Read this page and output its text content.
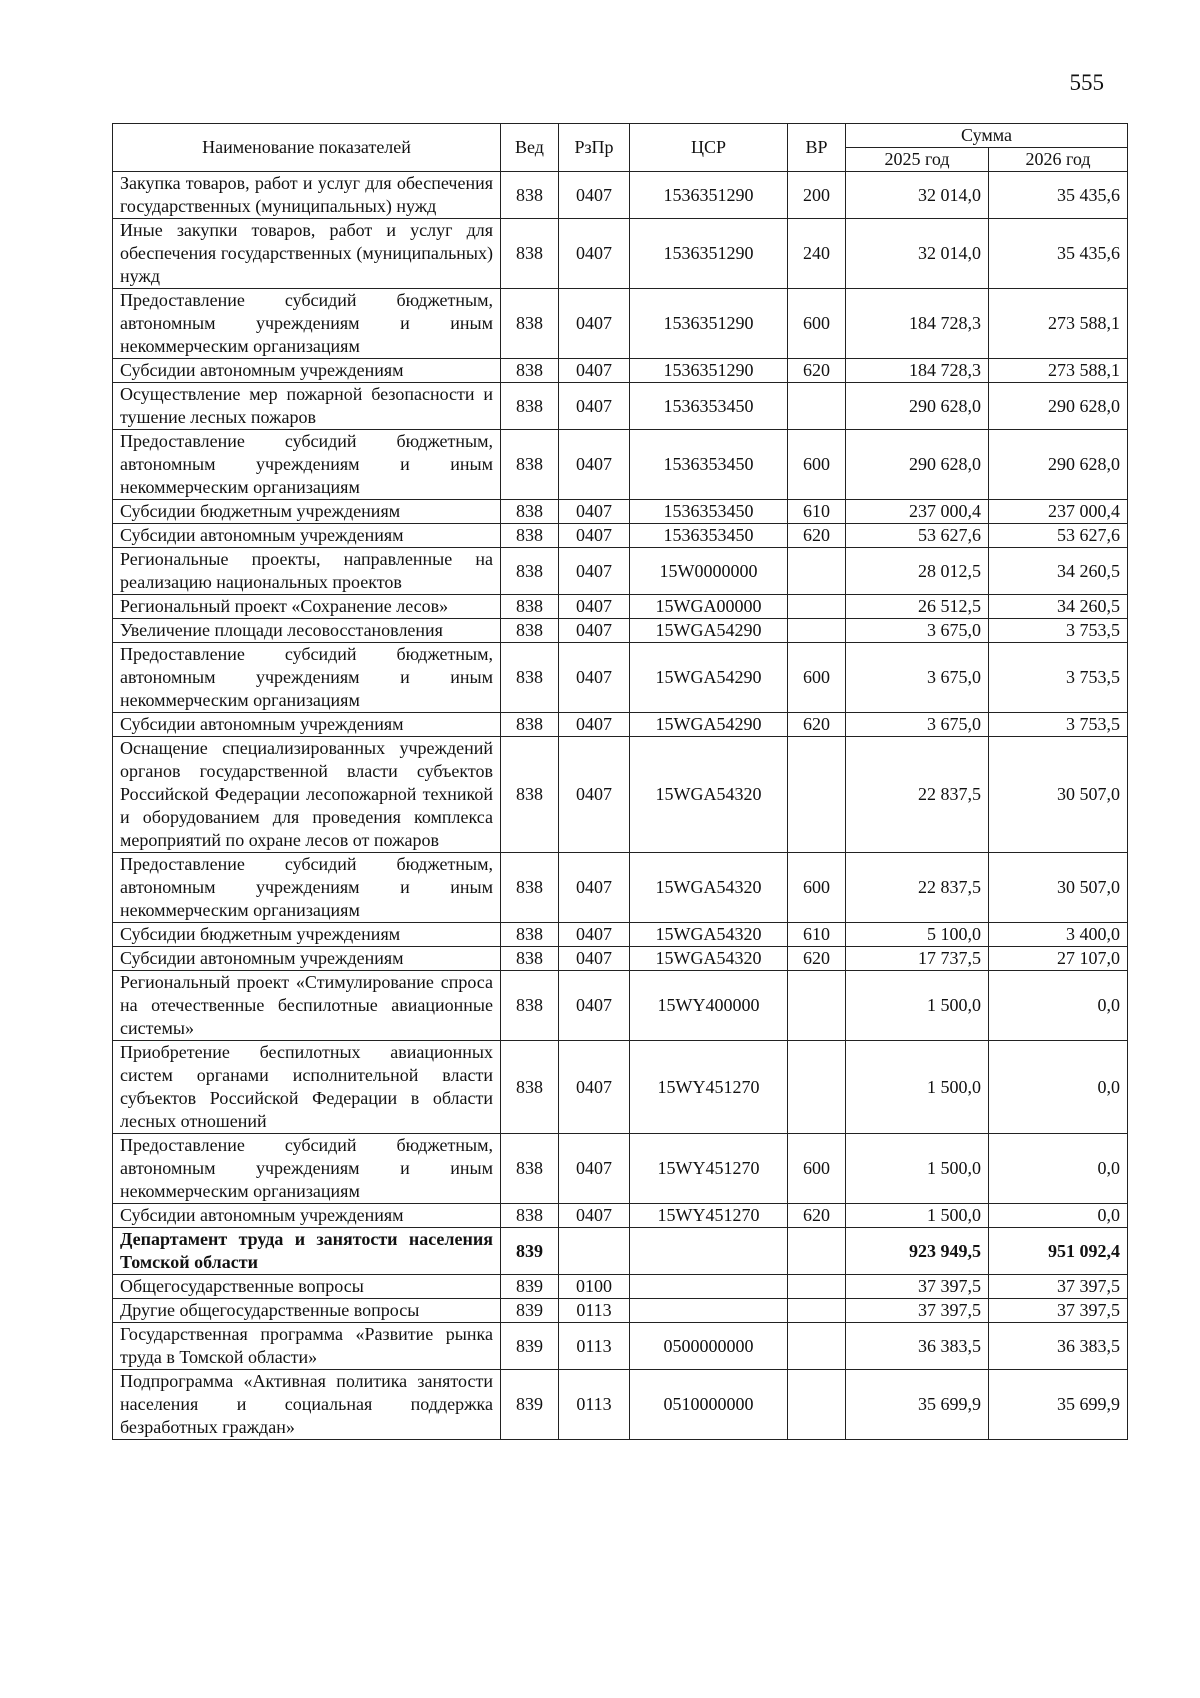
555
Наименование показателей	Вед	РзПр	ЦСР	ВР	Сумма	
					2025 год	2026 год
Закупка товаров, работ и услуг для обеспечения государственных (муниципальных) нужд	838	0407	1536351290	200	32 014,0	35 435,6
Иные закупки товаров, работ и услуг для обеспечения государственных (муниципальных) нужд	838	0407	1536351290	240	32 014,0	35 435,6
Предоставление субсидий бюджетным, автономным учреждениям и иным некоммерческим организациям	838	0407	1536351290	600	184 728,3	273 588,1
Субсидии автономным учреждениям	838	0407	1536351290	620	184 728,3	273 588,1
Осуществление мер пожарной безопасности и тушение лесных пожаров	838	0407	1536353450		290 628,0	290 628,0
Предоставление субсидий бюджетным, автономным учреждениям и иным некоммерческим организациям	838	0407	1536353450	600	290 628,0	290 628,0
Субсидии бюджетным учреждениям	838	0407	1536353450	610	237 000,4	237 000,4
Субсидии автономным учреждениям	838	0407	1536353450	620	53 627,6	53 627,6
Региональные проекты, направленные на реализацию национальных проектов	838	0407	15W0000000		28 012,5	34 260,5
Региональный проект «Сохранение лесов»	838	0407	15WGA00000		26 512,5	34 260,5
Увеличение площади лесовосстановления	838	0407	15WGA54290		3 675,0	3 753,5
Предоставление субсидий бюджетным, автономным учреждениям и иным некоммерческим организациям	838	0407	15WGA54290	600	3 675,0	3 753,5
Субсидии автономным учреждениям	838	0407	15WGA54290	620	3 675,0	3 753,5
Оснащение специализированных учреждений органов государственной власти субъектов Российской Федерации лесопожарной техникой и оборудованием для проведения комплекса мероприятий по охране лесов от пожаров	838	0407	15WGA54320		22 837,5	30 507,0
Предоставление субсидий бюджетным, автономным учреждениям и иным некоммерческим организациям	838	0407	15WGA54320	600	22 837,5	30 507,0
Субсидии бюджетным учреждениям	838	0407	15WGA54320	610	5 100,0	3 400,0
Субсидии автономным учреждениям	838	0407	15WGA54320	620	17 737,5	27 107,0
Региональный проект «Стимулирование спроса на отечественные беспилотные авиационные системы»	838	0407	15WY400000		1 500,0	0,0
Приобретение беспилотных авиационных систем органами исполнительной власти субъектов Российской Федерации в области лесных отношений	838	0407	15WY451270		1 500,0	0,0
Предоставление субсидий бюджетным, автономным учреждениям и иным некоммерческим организациям	838	0407	15WY451270	600	1 500,0	0,0
Субсидии автономным учреждениям	838	0407	15WY451270	620	1 500,0	0,0
Департамент труда и занятости населения Томской области	839				923 949,5	951 092,4
Общегосударственные вопросы	839	0100			37 397,5	37 397,5
Другие общегосударственные вопросы	839	0113			37 397,5	37 397,5
Государственная программа «Развитие рынка труда в Томской области»	839	0113	0500000000		36 383,5	36 383,5
Подпрограмма «Активная политика занятости населения и социальная поддержка безработных граждан»	839	0113	0510000000		35 699,9	35 699,9
